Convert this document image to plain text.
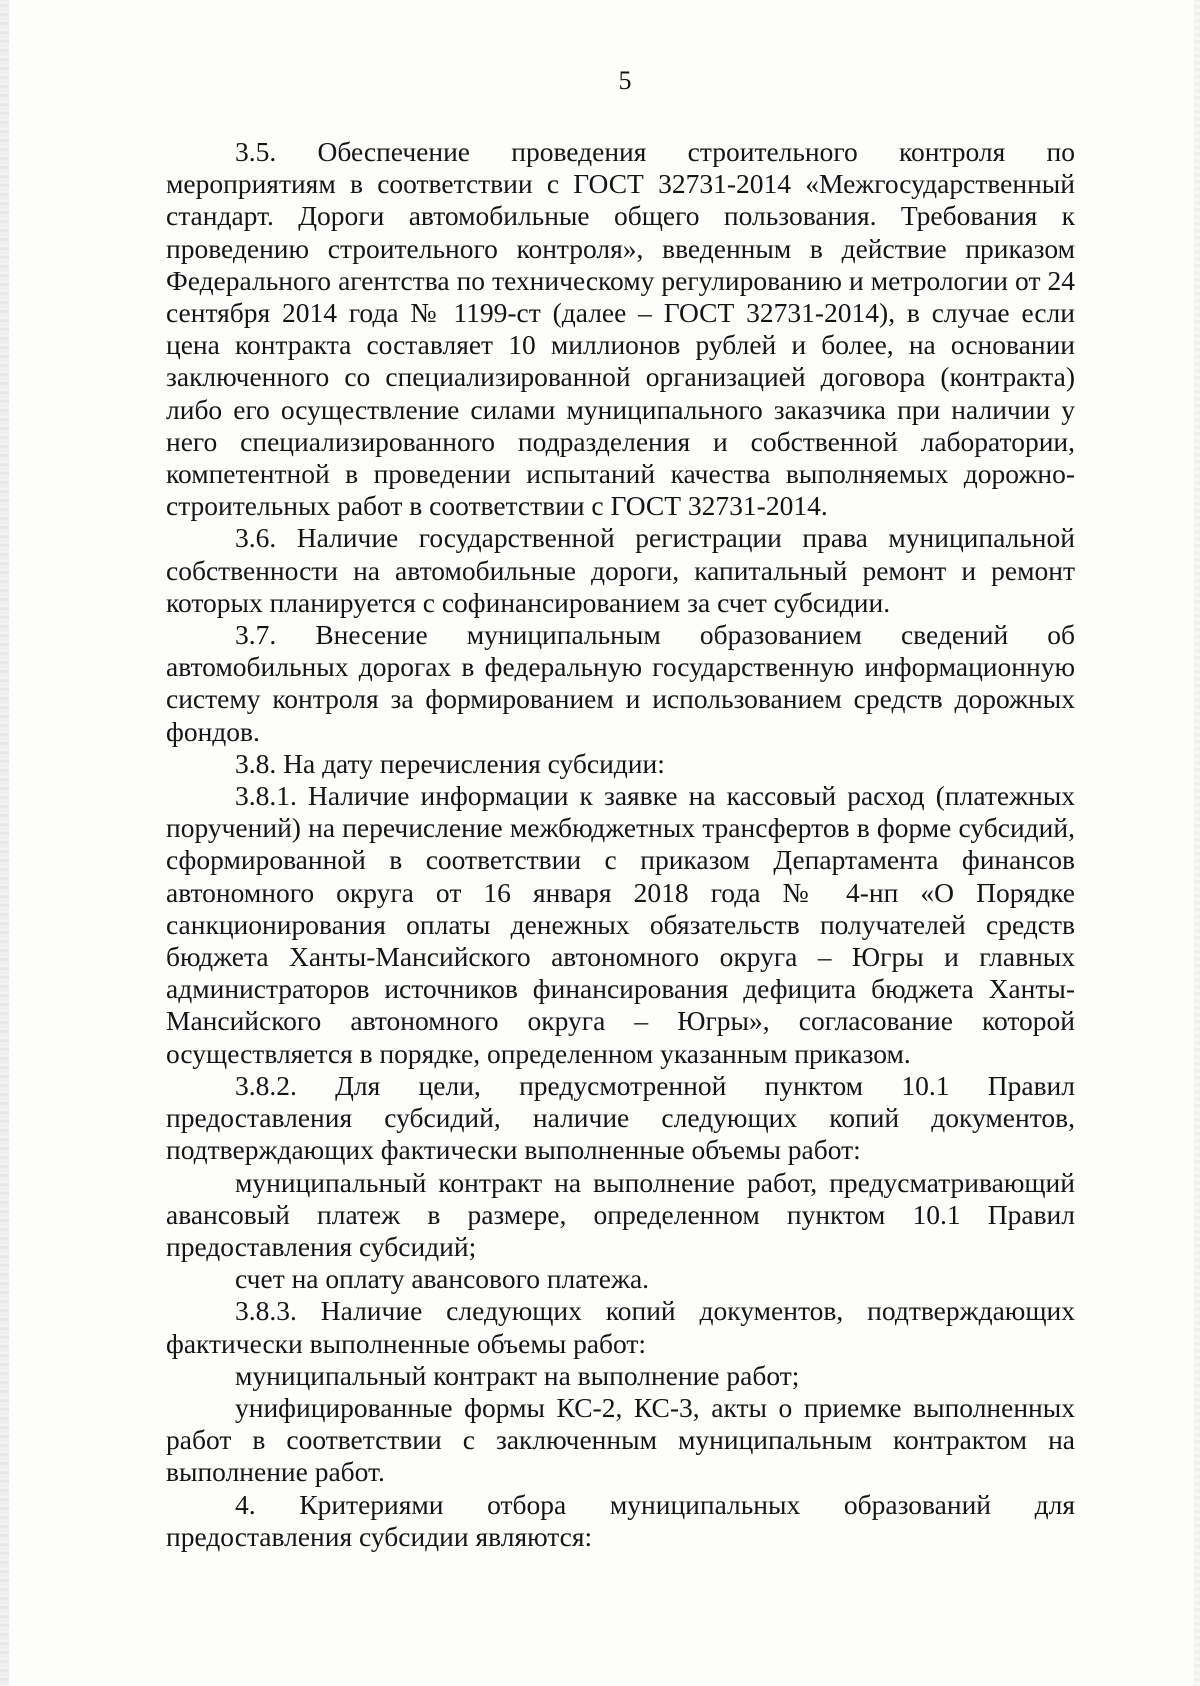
5

3.5. Обеспечение проведения строительного контроля по мероприятиям в соответствии с ГОСТ 32731-2014 «Межгосударственный стандарт. Дороги автомобильные общего пользования. Требования к проведению строительного контроля», введенным в действие приказом Федерального агентства по техническому регулированию и метрологии от 24 сентября 2014 года № 1199-ст (далее – ГОСТ 32731-2014), в случае если цена контракта составляет 10 миллионов рублей и более, на основании заключенного со специализированной организацией договора (контракта) либо его осуществление силами муниципального заказчика при наличии у него специализированного подразделения и собственной лаборатории, компетентной в проведении испытаний качества выполняемых дорожно-строительных работ в соответствии с ГОСТ 32731-2014.

3.6. Наличие государственной регистрации права муниципальной собственности на автомобильные дороги, капитальный ремонт и ремонт которых планируется с софинансированием за счет субсидии.

3.7. Внесение муниципальным образованием сведений об автомобильных дорогах в федеральную государственную информационную систему контроля за формированием и использованием средств дорожных фондов.

3.8. На дату перечисления субсидии:

3.8.1. Наличие информации к заявке на кассовый расход (платежных поручений) на перечисление межбюджетных трансфертов в форме субсидий, сформированной в соответствии с приказом Департамента финансов автономного округа от 16 января 2018 года № 4-нп «О Порядке санкционирования оплаты денежных обязательств получателей средств бюджета Ханты-Мансийского автономного округа – Югры и главных администраторов источников финансирования дефицита бюджета Ханты-Мансийского автономного округа – Югры», согласование которой осуществляется в порядке, определенном указанным приказом.

3.8.2. Для цели, предусмотренной пунктом 10.1 Правил предоставления субсидий, наличие следующих копий документов, подтверждающих фактически выполненные объемы работ:

муниципальный контракт на выполнение работ, предусматривающий авансовый платеж в размере, определенном пунктом 10.1 Правил предоставления субсидий;

счет на оплату авансового платежа.

3.8.3. Наличие следующих копий документов, подтверждающих фактически выполненные объемы работ:

муниципальный контракт на выполнение работ;

унифицированные формы КС-2, КС-3, акты о приемке выполненных работ в соответствии с заключенным муниципальным контрактом на выполнение работ.

4. Критериями отбора муниципальных образований для предоставления субсидии являются:
